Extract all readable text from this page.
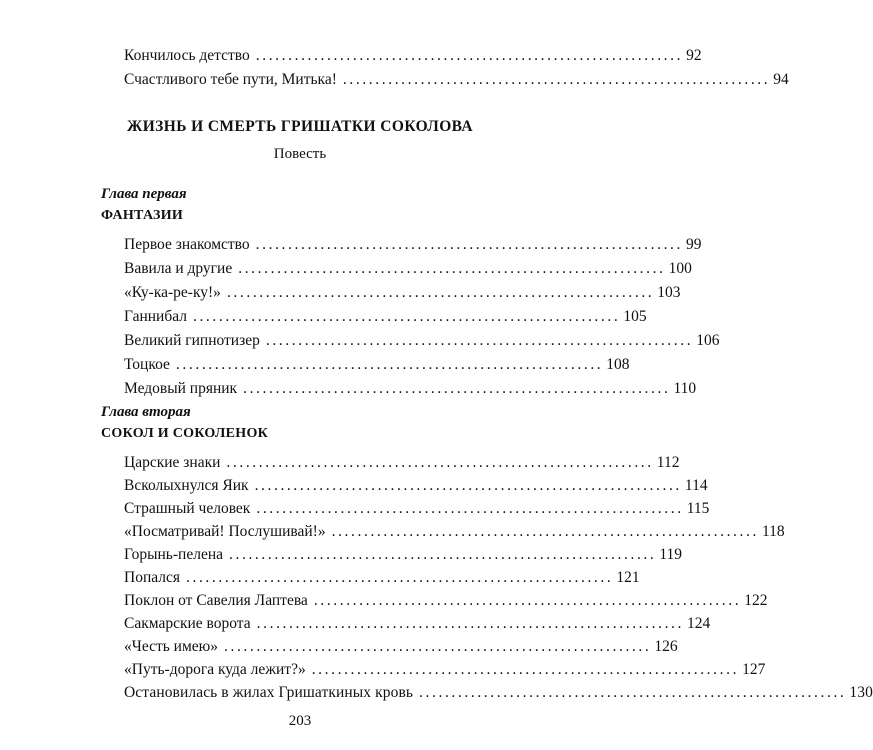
Кончилось детство .................................................................. 92
Счастливого тебе пути, Митька! .................................................................. 94
ЖИЗНЬ И СМЕРТЬ ГРИШАТКИ СОКОЛОВА
Повесть
Глава первая
ФАНТАЗИИ
Первое знакомство .................................................................. 99
Вавила и другие .................................................................. 100
«Ку-ка-ре-ку!» .................................................................. 103
Ганнибал .................................................................. 105
Великий гипнотизер .................................................................. 106
Тоцкое .................................................................. 108
Медовый пряник .................................................................. 110
Глава вторая
СОКОЛ И СОКОЛЕНОК
Царские знаки .................................................................. 112
Всколыхнулся Яик .................................................................. 114
Страшный человек .................................................................. 115
«Посматривай! Послушивай!» .................................................................. 118
Горынь-пелена .................................................................. 119
Попался .................................................................. 121
Поклон от Савелия Лаптева .................................................................. 122
Сакмарские ворота .................................................................. 124
«Честь имею» .................................................................. 126
«Путь-дорога куда лежит?» .................................................................. 127
Остановилась в жилах Гришаткиных кровь .................................................................. 130
203
